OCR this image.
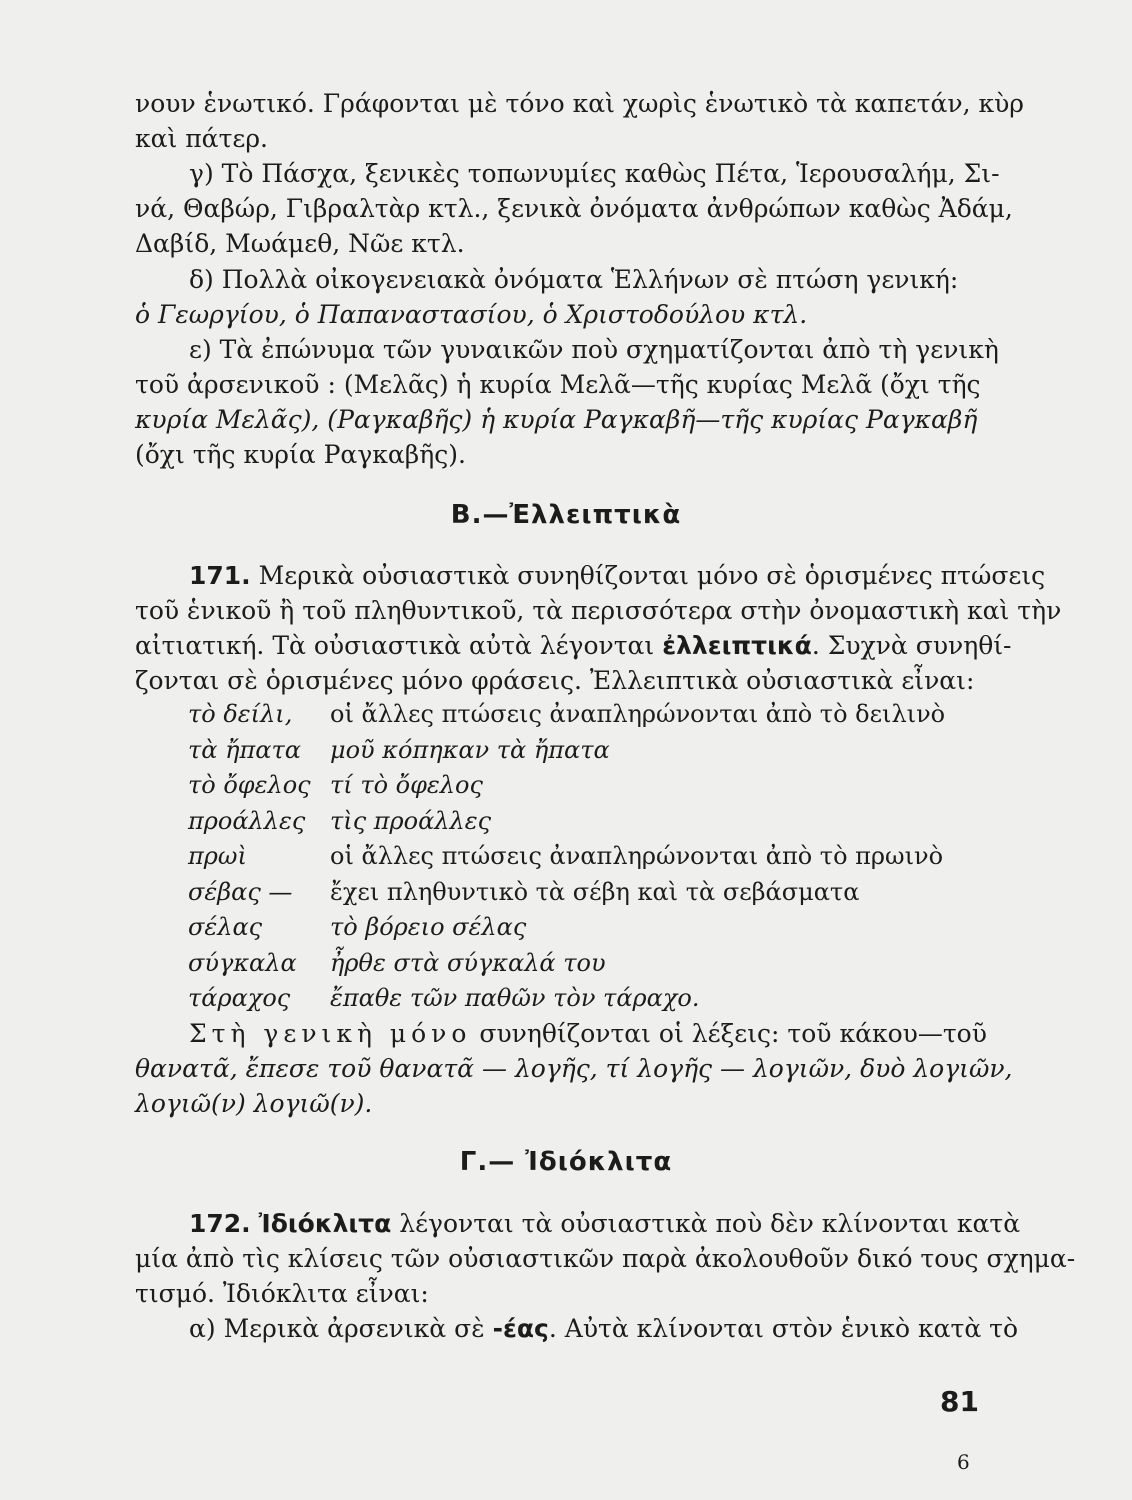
νουν ἑνωτικό. Γράφονται μὲ τόνο καὶ χωρὶς ἑνωτικὸ τὰ καπετάν, κὺρ
καὶ πάτερ.

γ) Τὸ Πάσχα, ξενικὲς τοπωνυμίες καθὼς Πέτα, Ἱερουσαλήμ, Σι-
νά, Θαβώρ, Γιβραλτὰρ κτλ., ξενικὰ ὀνόματα ἀνθρώπων καθὼς Ἀδάμ,
Δαβίδ, Μωάμεθ, Νῶε κτλ.

δ) Πολλὰ οἰκογενειακὰ ὀνόματα Ἑλλήνων σὲ πτώση γενική:
ὁ Γεωργίου, ὁ Παπαναστασίου, ὁ Χριστοδούλου κτλ.

ε) Τὰ ἐπώνυμα τῶν γυναικῶν ποὺ σχηματίζονται ἀπὸ τὴ γενικὴ
τοῦ ἀρσενικοῦ : (Μελᾶς) ἡ κυρία Μελᾶ—τῆς κυρίας Μελᾶ (ὄχι τῆς
κυρία Μελᾶς), (Ραγκαβῆς) ἡ κυρία Ραγκαβῆ—τῆς κυρίας Ραγκαβῆ
(ὄχι τῆς κυρία Ραγκαβῆς).

Β.—Ἐλλειπτικὰ

171. Μερικὰ οὐσιαστικὰ συνηθίζονται μόνο σὲ ὁρισμένες πτώσεις
τοῦ ἑνικοῦ ἢ τοῦ πληθυντικοῦ, τὰ περισσότερα στὴν ὀνομαστικὴ καὶ τὴν
αἰτιατική. Τὰ οὐσιαστικὰ αὐτὰ λέγονται ἐλλειπτικά. Συχνὰ συνηθί-
ζονται σὲ ὁρισμένες μόνο φράσεις. Ἐλλειπτικὰ οὐσιαστικὰ εἶναι:

τὸ δείλι, οἱ ἄλλες πτώσεις ἀναπληρώνονται ἀπὸ τὸ δειλινὸ
τὰ ἤπατα μοῦ κόπηκαν τὰ ἤπατα
τὸ ὄφελος τί τὸ ὄφελος
προάλλες τὶς προάλλες
πρωὶ	οἱ ἄλλες πτώσεις ἀναπληρώνονται ἀπὸ τὸ πρωινὸ
σέβας — ἔχει πληθυντικὸ τὰ σέβη καὶ τὰ σεβάσματα
σέλας	τὸ βόρειο σέλας
σύγκαλα ἦρθε στὰ σύγκαλά του
τάραχος ἔπαθε τῶν παθῶν τὸν τάραχο.

Στὴ γενικὴ μόνο συνηθίζονται οἱ λέξεις: τοῦ κάκου—τοῦ
θανατᾶ, ἔπεσε τοῦ θανατᾶ — λογῆς, τί λογῆς — λογιῶν, δυὸ λογιῶν,
λογιῶ(ν) λογιῶ(ν).

Γ.— Ἰδιόκλιτα

172. Ἰδιόκλιτα λέγονται τὰ οὐσιαστικὰ ποὺ δὲν κλίνονται κατὰ
μία ἀπὸ τὶς κλίσεις τῶν οὐσιαστικῶν παρὰ ἀκολουθοῦν δικό τους σχημα-
τισμό. Ἰδιόκλιτα εἶναι:
α) Μερικὰ ἀρσενικὰ σὲ -έας. Αὐτὰ κλίνονται στὸν ἑνικὸ κατὰ τὸ

81
6
